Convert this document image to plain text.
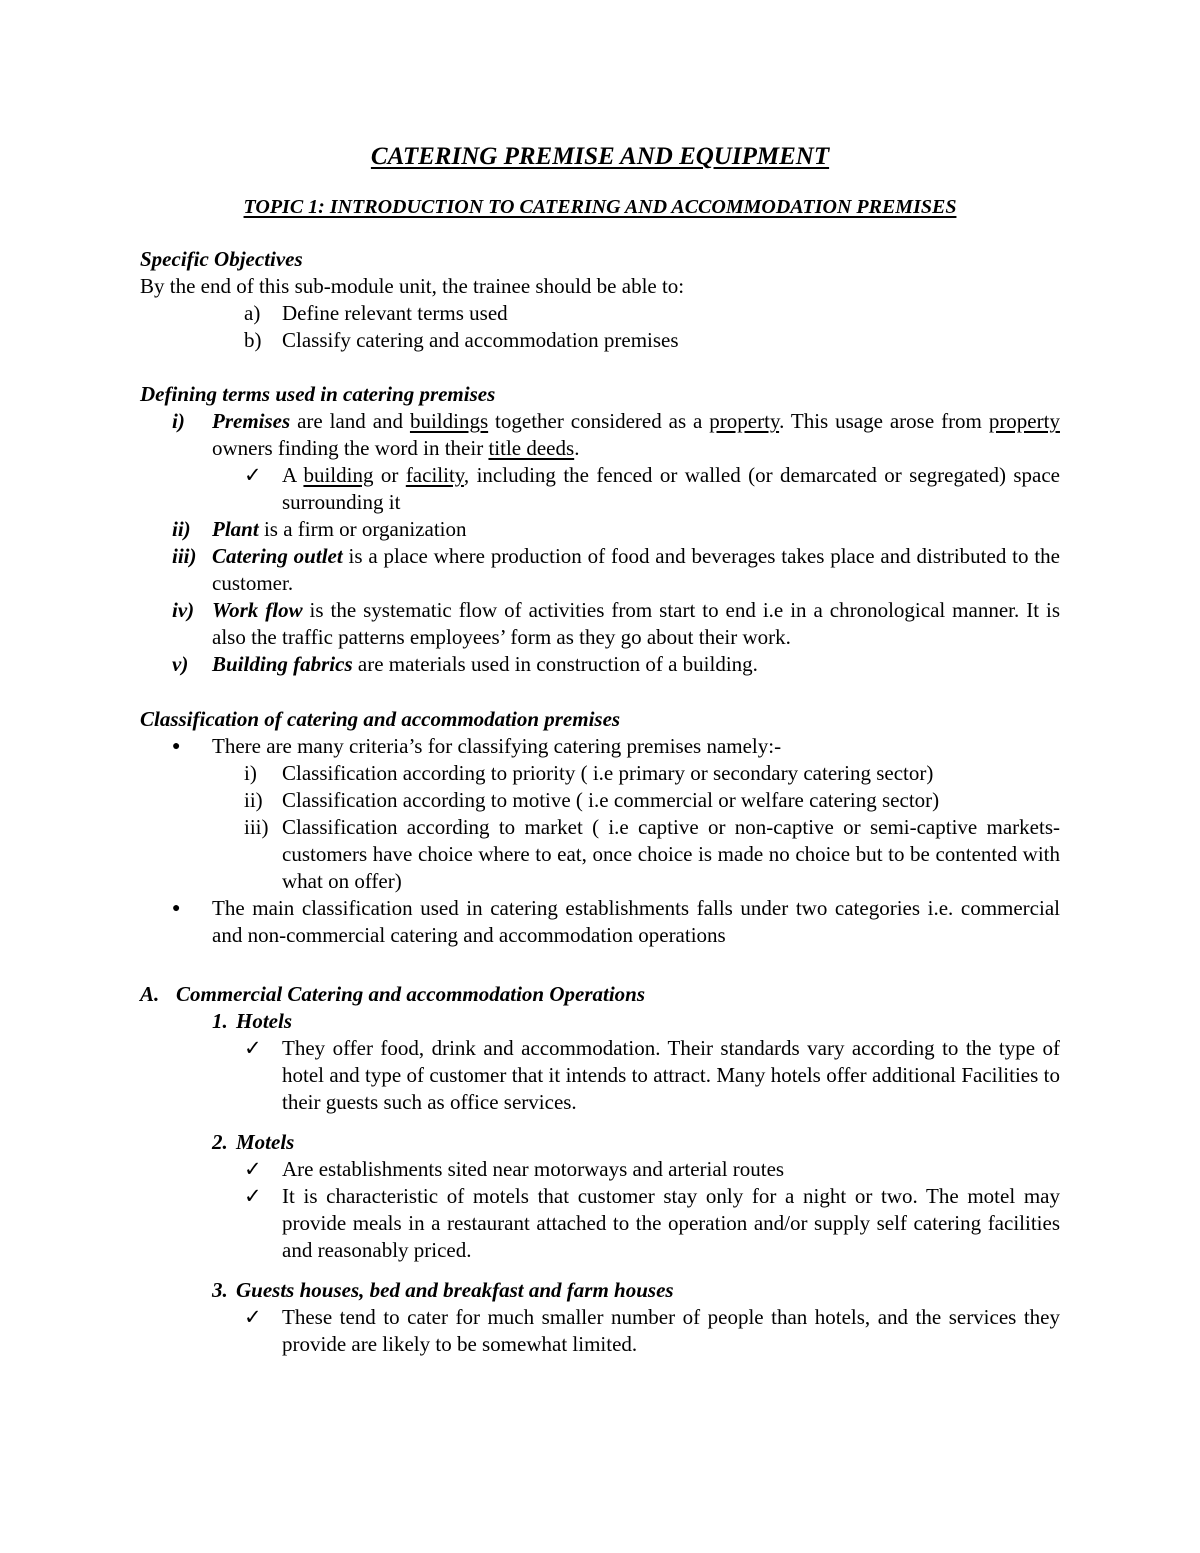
CATERING PREMISE AND EQUIPMENT
TOPIC 1: INTRODUCTION TO CATERING AND ACCOMMODATION PREMISES
Specific Objectives
By the end of this sub-module unit, the trainee should be able to:
a)	Define relevant terms used
b) Classify catering and accommodation premises
Defining terms used in catering premises
i)	Premises are land and buildings together considered as a property. This usage arose from property owners finding the word in their title deeds.
✓ A building or facility, including the fenced or walled (or demarcated or segregated) space surrounding it
ii)	Plant is a firm or organization
iii) Catering outlet is a place where production of food and beverages takes place and distributed to the customer.
iv) Work flow is the systematic flow of activities from start to end i.e in a chronological manner. It is also the traffic patterns employees’ form as they go about their work.
v)	Building fabrics are materials used in construction of a building.
Classification of catering and accommodation premises
●	There are many criteria’s for classifying catering premises namely:-
i)	Classification according to priority ( i.e primary or secondary catering sector)
ii) Classification according to motive ( i.e commercial or welfare catering sector)
iii) Classification according to market ( i.e captive or non-captive or semi-captive markets-customers have choice where to eat, once choice is made no choice but to be contented with what on offer)
●	The main classification used in catering establishments falls under two categories i.e. commercial and non-commercial catering and accommodation operations
A. Commercial Catering and accommodation Operations
1. Hotels
✓ They offer food, drink and accommodation. Their standards vary according to the type of hotel and type of customer that it intends to attract. Many hotels offer additional Facilities to their guests such as office services.
2. Motels
✓ Are establishments sited near motorways and arterial routes
✓ It is characteristic of motels that customer stay only for a night or two. The motel may provide meals in a restaurant attached to the operation and/or supply self catering facilities and reasonably priced.
3. Guests houses, bed and breakfast and farm houses
✓ These tend to cater for much smaller number of people than hotels, and the services they provide are likely to be somewhat limited.
